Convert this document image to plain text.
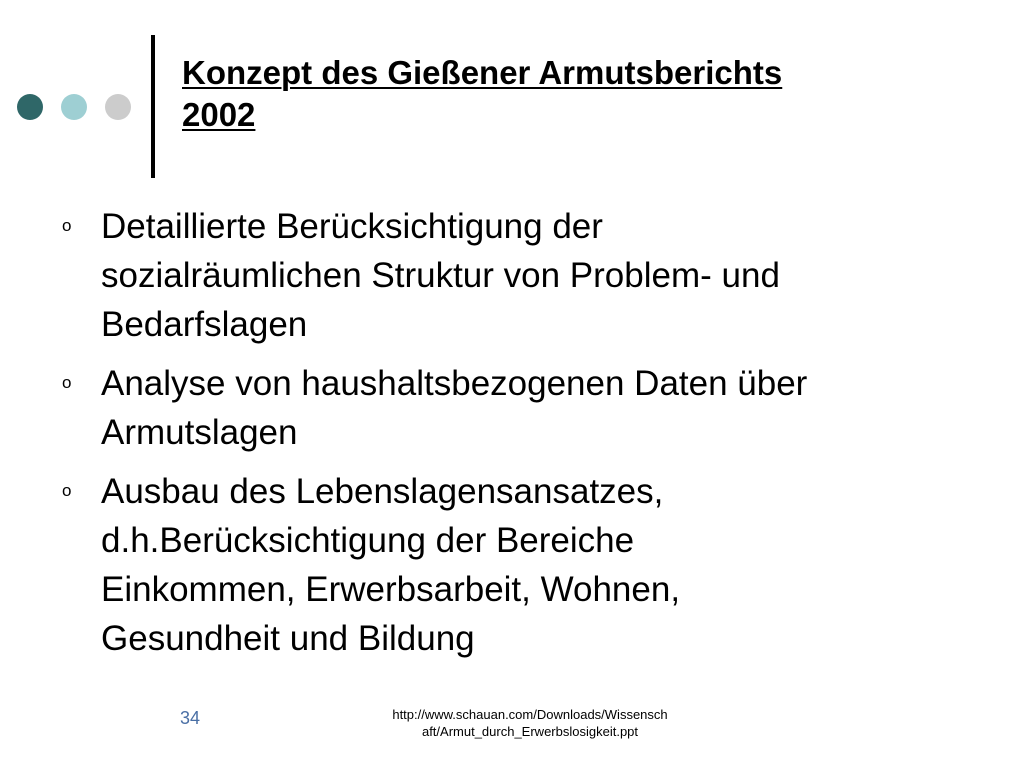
Konzept des Gießener Armutsberichts
2002
o Detaillierte Berücksichtigung der
sozialräumlichen Struktur von Problem- und
Bedarfslagen
o Analyse von haushaltsbezogenen Daten über
Armutslagen
o Ausbau des Lebenslagensansatzes,
d.h.Berücksichtigung der Bereiche
Einkommen, Erwerbsarbeit, Wohnen,
Gesundheit und Bildung
34	http://www.schauan.com/Downloads/Wissensch
aft/Armut_durch_Erwerbslosigkeit.ppt
